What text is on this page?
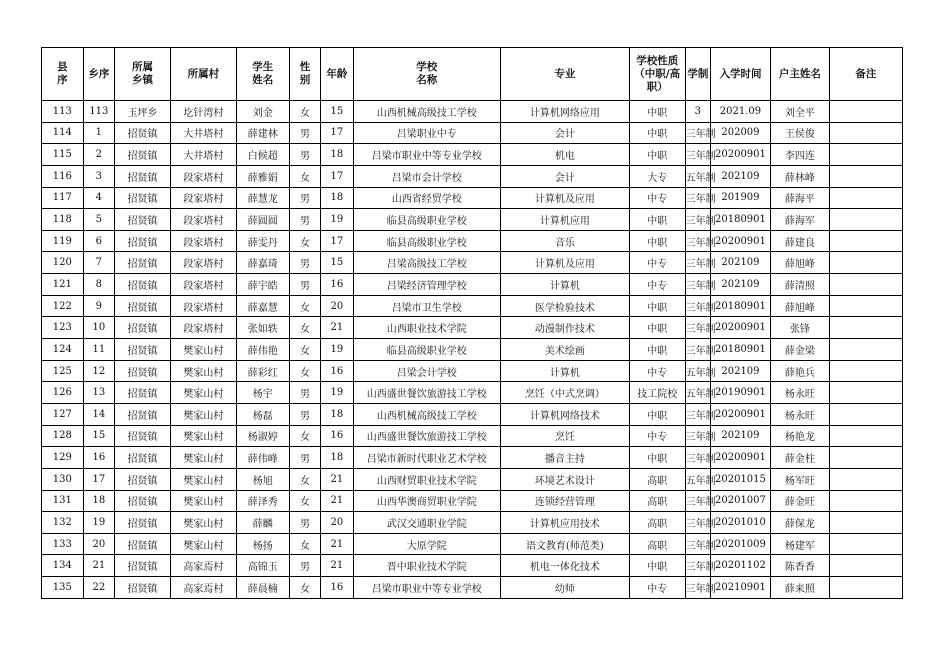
县
序	乡序	所属
乡镇	所属村	学生
姓名	性
别	年龄	学校
名称	专业	学校性质
（中职/高
职）	学制	入学时间	户主姓名	备注

113	113	玉坪乡	圪针湾村	刘金	女	15	山西机械高级技工学校	计算机网络应用	中职	3	2021.09	刘全平	

114	1	招贤镇	大井塔村	薛建林	男	17	吕梁职业中专	会计	中职	三年制	202009	王侯俊	

115	2	招贤镇	大井塔村	白候超	男	18	吕梁市职业中等专业学校	机电	中职	三年制	20200901	李四连	

116	3	招贤镇	段家塔村	薛雅娟	女	17	吕梁市会计学校	会计	大专	五年制	202109	薛林峰	

117	4	招贤镇	段家塔村	薛慧龙	男	18	山西省经贸学校	计算机及应用	中专	三年制	201909	薛海平	

118	5	招贤镇	段家塔村	薛圆圆	男	19	临县高级职业学校	计算机应用	中职	三年制	20180901	薛海军	

119	6	招贤镇	段家塔村	薛雯丹	女	17	临县高级职业学校	音乐	中职	三年制	20200901	薛建良	

120	7	招贤镇	段家塔村	薛嘉琦	男	15	吕梁高级技工学校	计算机及应用	中专	三年制	202109	薛旭峰	

121	8	招贤镇	段家塔村	薛宇皓	男	16	吕梁经济管理学校	计算机	中专	三年制	202109	薛清照	

122	9	招贤镇	段家塔村	薛嘉慧	女	20	吕梁市卫生学校	医学检验技术	中职	三年制	20180901	薛旭峰	

123	10	招贤镇	段家塔村	张如轶	女	21	山西职业技术学院	动漫制作技术	中职	三年制	20200901	张锋	

124	11	招贤镇	樊家山村	薛伟艳	女	19	临县高级职业学校	美术绘画	中职	三年制	20180901	薛金梁	

125	12	招贤镇	樊家山村	薛彩红	女	16	吕梁会计学校	计算机	中专	五年制	202109	薛艳兵	

126	13	招贤镇	樊家山村	杨宇	男	19	山西盛世餐饮旅游技工学校	烹饪（中式烹调）	技工院校	五年制	20190901	杨永旺	

127	14	招贤镇	樊家山村	杨磊	男	18	山西机械高级技工学校	计算机网络技术	中职	三年制	20200901	杨永旺	

128	15	招贤镇	樊家山村	杨淑婷	女	16	山西盛世餐饮旅游技工学校	烹饪	中专	三年制	202109	杨艳龙	

129	16	招贤镇	樊家山村	薛伟峰	男	18	吕梁市新时代职业艺术学校	播音主持	中职	三年制	20200901	薛金柱	

130	17	招贤镇	樊家山村	杨旭	女	21	山西财贸职业技术学院	环境艺术设计	高职	五年制	20201015	杨军旺	

131	18	招贤镇	樊家山村	薛泽秀	女	21	山西华澳商贸职业学院	连锁经营管理	高职	三年制	20201007	薛金旺	

132	19	招贤镇	樊家山村	薛麟	男	20	武汉交通职业学院	计算机应用技术	高职	三年制	20201010	薛保龙	

133	20	招贤镇	樊家山村	杨扬	女	21	大原学院	语文教育(师范类)	高职	三年制	20201009	杨建军	

134	21	招贤镇	高家焉村	高锦玉	男	21	晋中职业技术学院	机电一体化技术	中职	三年制	20201102	陈香香	

135	22	招贤镇	高家焉村	薛晨楠	女	16	吕梁市职业中等专业学校	幼师	中专	三年制	20210901	薛来照	
